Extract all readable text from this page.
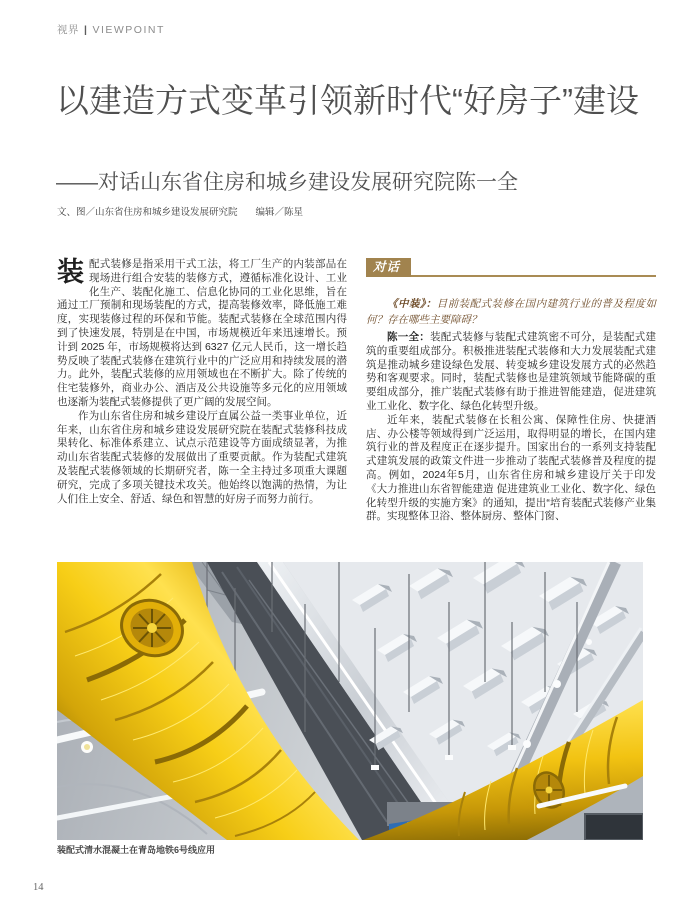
视界 | VIEWPOINT
以建造方式变革引领新时代“好房子”建设
——对话山东省住房和城乡建设发展研究院陈一全
文、图／山东省住房和城乡建设发展研究院 编辑／陈星

装配式装修是指采用干式工法，将工厂生产的内装部品在现场进行组合安装的装修方式，遵循标准化设计、工业化生产、装配化施工、信息化协同的工业化思维，旨在通过工厂预制和现场装配的方式，提高装修效率，降低施工难度，实现装修过程的环保和节能。装配式装修在全球范围内得到了快速发展，特别是在中国，市场规模近年来迅速增长。预计到 2025 年，市场规模将达到 6327 亿元人民币，这一增长趋势反映了装配式装修在建筑行业中的广泛应用和持续发展的潜力。此外，装配式装修的应用领域也在不断扩大。除了传统的住宅装修外，商业办公、酒店及公共设施等多元化的应用领域也逐渐为装配式装修提供了更广阔的发展空间。

作为山东省住房和城乡建设厅直属公益一类事业单位，近年来，山东省住房和城乡建设发展研究院在装配式装修科技成果转化、标准体系建立、试点示范建设等方面成绩显著，为推动山东省装配式装修的发展做出了重要贡献。作为装配式建筑及装配式装修领域的长期研究者，陈一全主持过多项重大课题研究，完成了多项关键技术攻关。他始终以饱满的热情，为让人们住上安全、舒适、绿色和智慧的好房子而努力前行。

对话

《中装》：目前装配式装修在国内建筑行业的普及程度如何？存在哪些主要障碍？

陈一全：装配式装修与装配式建筑密不可分，是装配式建筑的重要组成部分。积极推进装配式装修和大力发展装配式建筑是推动城乡建设绿色发展、转变城乡建设发展方式的必然趋势和客观要求。同时，装配式装修也是建筑领域节能降碳的重要组成部分，推广装配式装修有助于推进智能建造，促进建筑业工业化、数字化、绿色化转型升级。

近年来，装配式装修在长租公寓、保障性住房、快捷酒店、办公楼等领域得到广泛运用，取得明显的增长，在国内建筑行业的普及程度正在逐步提升。国家出台的一系列支持装配式建筑发展的政策文件进一步推动了装配式装修普及程度的提高。例如，2024年5月，山东省住房和城乡建设厅关于印发《大力推进山东省智能建造 促进建筑业工业化、数字化、绿色化转型升级的实施方案》的通知，提出“培育装配式装修产业集群。实现整体卫浴、整体厨房、整体门窗、

装配式清水混凝土在青岛地铁6号线应用
14
